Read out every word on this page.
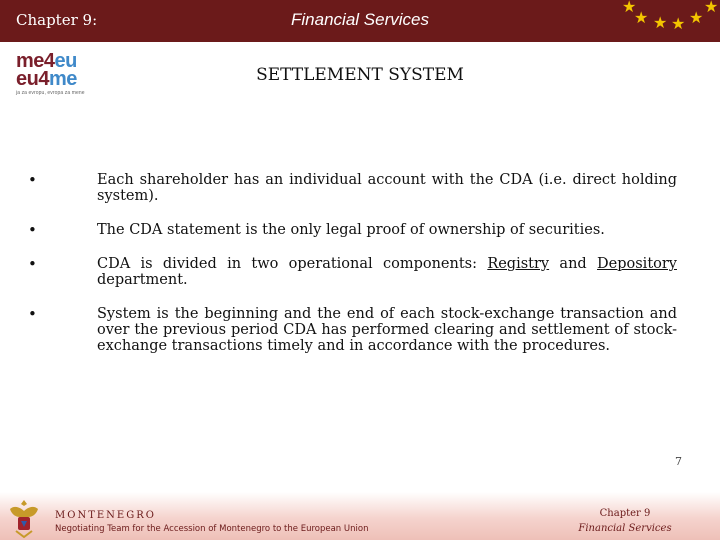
Chapter 9:	Financial Services
★
★ ★ ★ ★
★
me4eu
eu4me
ja za evropu, evropa za mene
SETTLEMENT SYSTEM
•	Each shareholder has an individual account with the CDA (i.e. direct holding system).
•	The CDA statement is the only legal proof of ownership of securities.
•	CDA is divided in two operational components: Registry and Depository department.
•	System is the beginning and the end of each stock-exchange transaction and over the previous period CDA has performed clearing and settlement of stock-exchange transactions timely and in accordance with the procedures.
7
MONTENEGRO
Negotiating Team for the Accession of Montenegro to the European Union
Chapter 9
Financial Services
